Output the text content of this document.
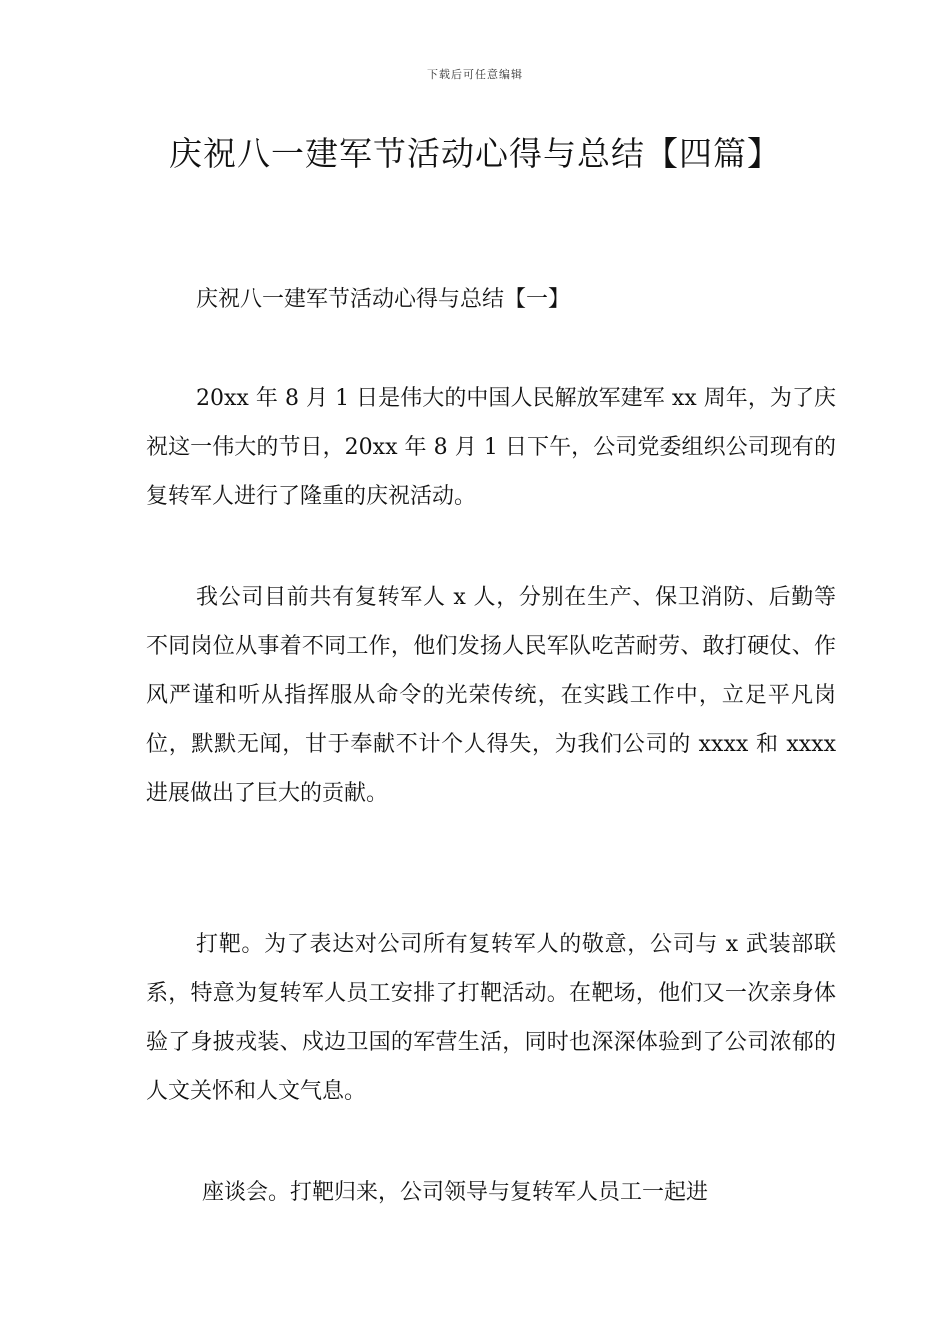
下载后可任意编辑
庆祝八一建军节活动心得与总结【四篇】
庆祝八一建军节活动心得与总结【一】

20xx 年 8 月 1 日是伟大的中国人民解放军建军 xx 周年，为了庆祝这一伟大的节日，20xx 年 8 月 1 日下午，公司党委组织公司现有的复转军人进行了隆重的庆祝活动。

我公司目前共有复转军人 x 人，分别在生产、保卫消防、后勤等不同岗位从事着不同工作，他们发扬人民军队吃苦耐劳、敢打硬仗、作风严谨和听从指挥服从命令的光荣传统，在实践工作中，立足平凡岗位，默默无闻，甘于奉献不计个人得失，为我们公司的 xxxx 和 xxxx 进展做出了巨大的贡献。

打靶。为了表达对公司所有复转军人的敬意，公司与 x 武装部联系，特意为复转军人员工安排了打靶活动。在靶场，他们又一次亲身体验了身披戎装、戍边卫国的军营生活，同时也深深体验到了公司浓郁的人文关怀和人文气息。

座谈会。打靶归来，公司领导与复转军人员工一起进
